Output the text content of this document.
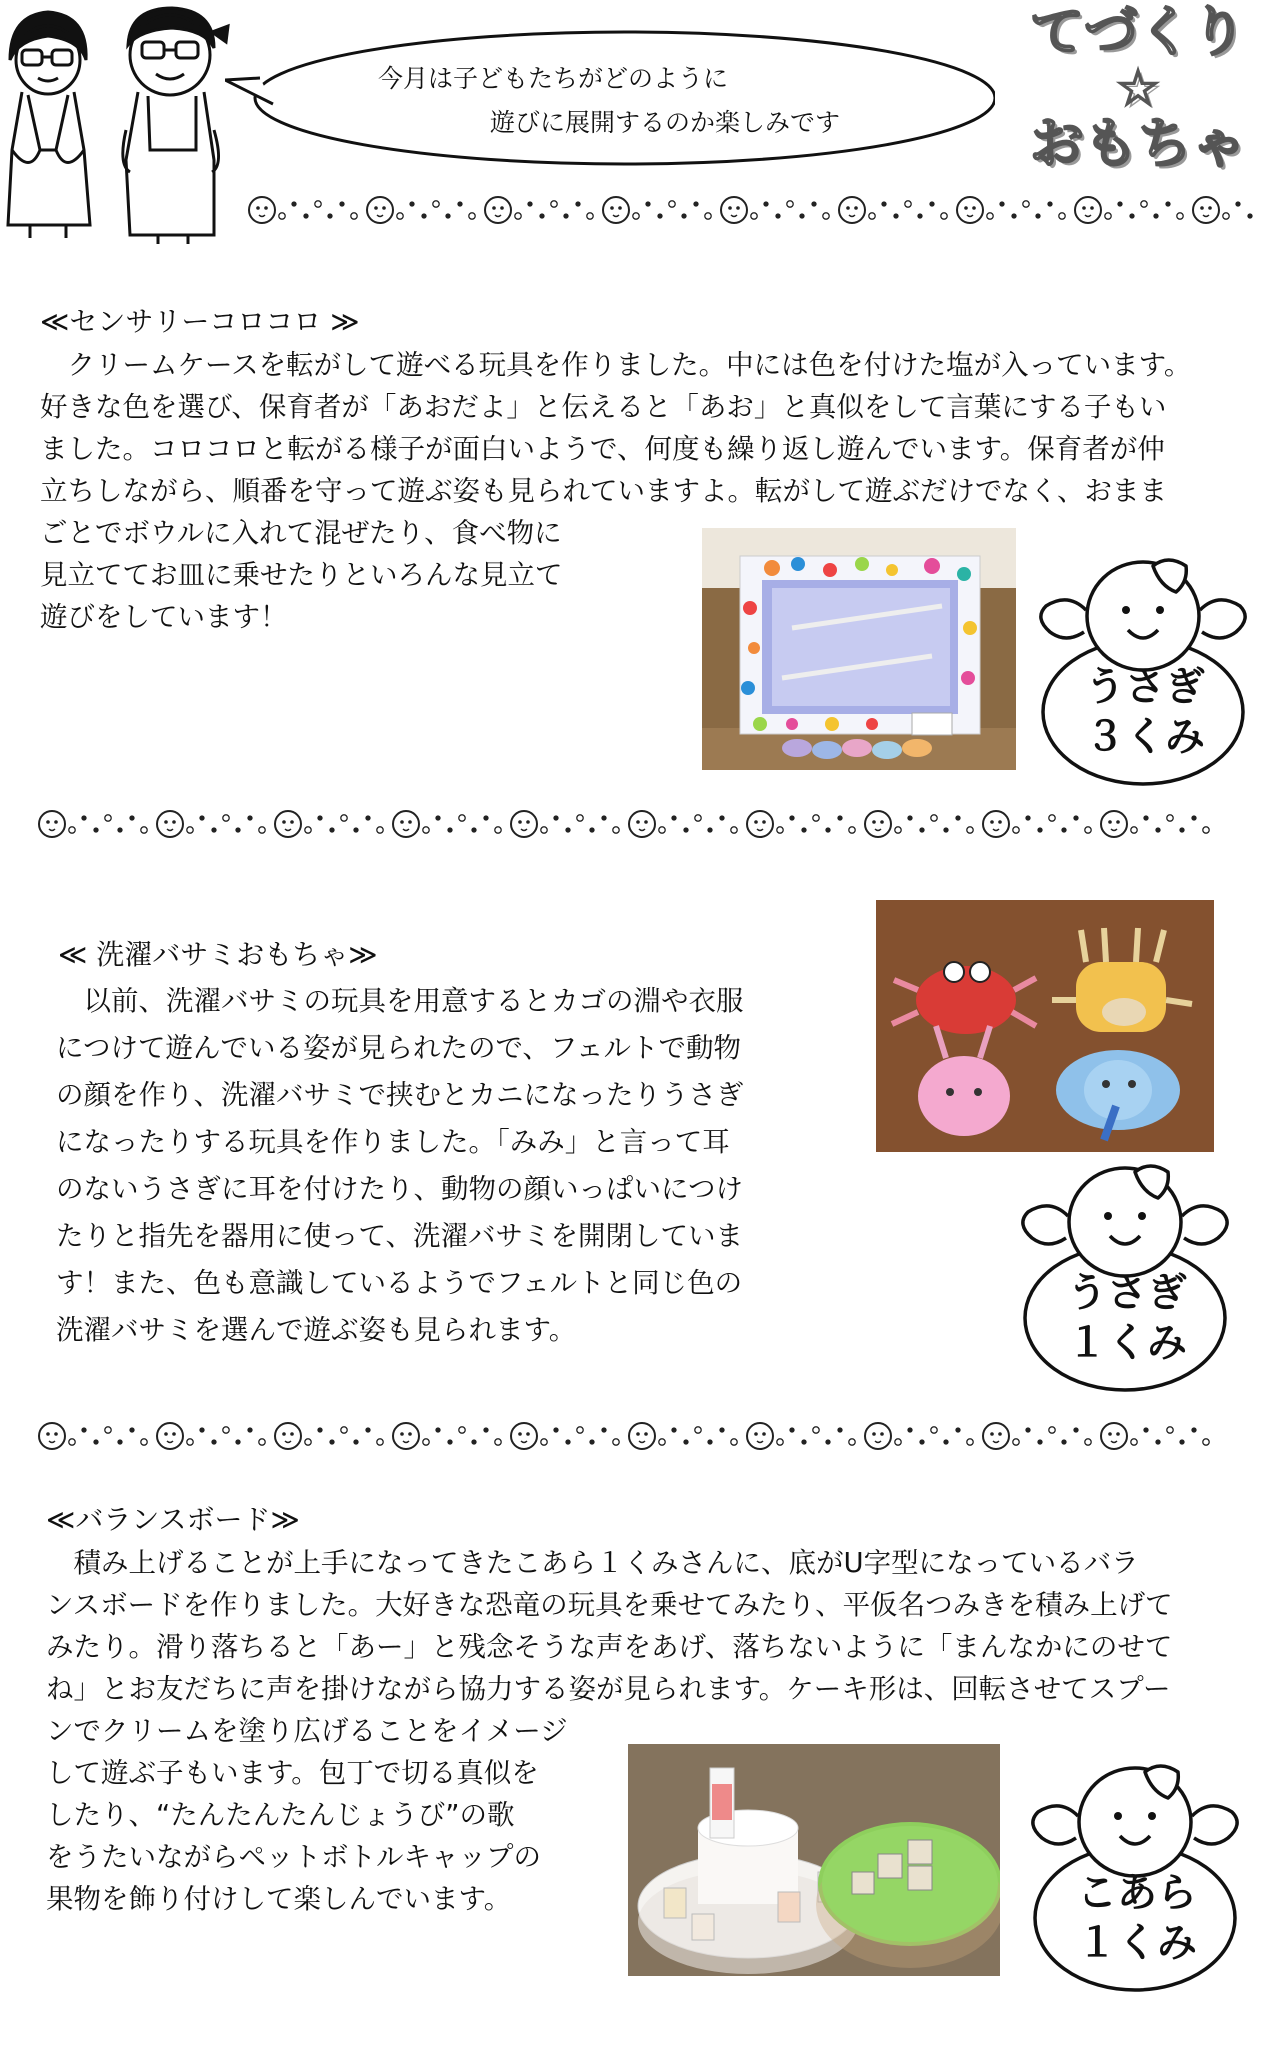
今月は子どもたちがどのように
遊びに展開するのか楽しみです
てづくり
☆
おもちゃ
≪センサリーコロコロ ≫
　クリームケースを転がして遊べる玩具を作りました。中には色を付けた塩が入っています。
好きな色を選び、保育者が「あおだよ」と伝えると「あお」と真似をして言葉にする子もい
ました。コロコロと転がる様子が面白いようで、何度も繰り返し遊んでいます。保育者が仲
立ちしながら、順番を守って遊ぶ姿も見られていますよ。転がして遊ぶだけでなく、おまま
ごとでボウルに入れて混ぜたり、食べ物に
見立ててお皿に乗せたりといろんな見立て
遊びをしています！
うさぎ
３くみ
≪ 洗濯バサミおもちゃ≫
　以前、洗濯バサミの玩具を用意するとカゴの淵や衣服
につけて遊んでいる姿が見られたので、フェルトで動物
の顔を作り、洗濯バサミで挟むとカニになったりうさぎ
になったりする玩具を作りました。「みみ」と言って耳
のないうさぎに耳を付けたり、動物の顔いっぱいにつけ
たりと指先を器用に使って、洗濯バサミを開閉していま
す！また、色も意識しているようでフェルトと同じ色の
洗濯バサミを選んで遊ぶ姿も見られます。
うさぎ
１くみ
≪バランスボード≫
　積み上げることが上手になってきたこあら１くみさんに、底がU字型になっているバラ
ンスボードを作りました。大好きな恐竜の玩具を乗せてみたり、平仮名つみきを積み上げて
みたり。滑り落ちると「あー」と残念そうな声をあげ、落ちないように「まんなかにのせて
ね」とお友だちに声を掛けながら協力する姿が見られます。ケーキ形は、回転させてスプー
ンでクリームを塗り広げることをイメージ
して遊ぶ子もいます。包丁で切る真似を
したり、“たんたんたんじょうび”の歌
をうたいながらペットボトルキャップの
果物を飾り付けして楽しんでいます。	こあら
１くみ
